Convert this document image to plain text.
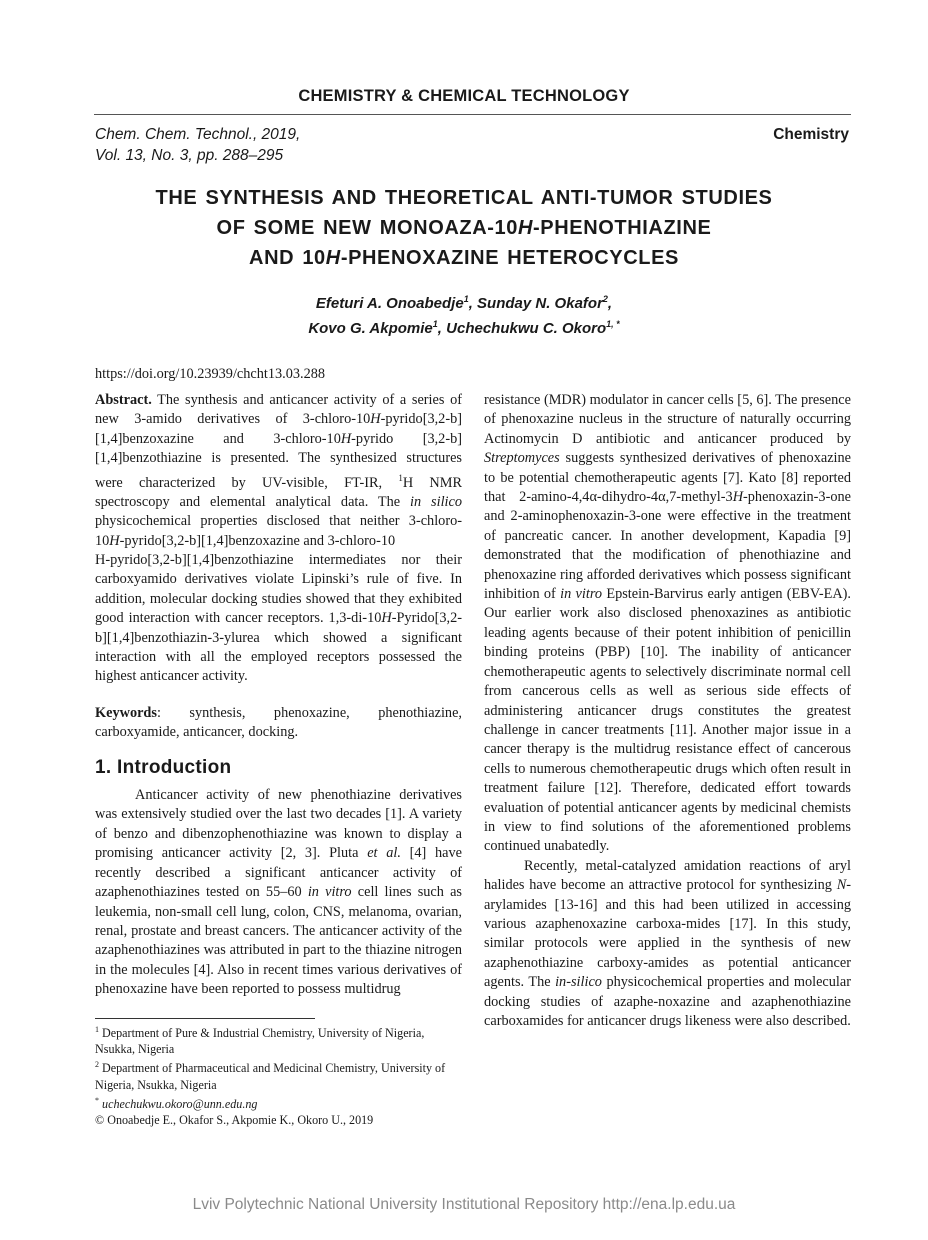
CHEMISTRY & CHEMICAL TECHNOLOGY
Chem. Chem. Technol., 2019,
Vol. 13, No. 3, pp. 288–295
Chemistry
THE SYNTHESIS AND THEORETICAL ANTI-TUMOR STUDIES
OF SOME NEW MONOAZA-10H-PHENOTHIAZINE
AND 10H-PHENOXAZINE HETEROCYCLES
Efeturi A. Onoabedje$^1$, Sunday N. Okafor$^2$,
Kovo G. Akpomie$^1$, Uchechukwu C. Okoro$^{1, *}$
https://doi.org/10.23939/chcht13.03.288

Abstract. The synthesis and anticancer activity of a series of new 3-amido derivatives of 3-chloro-10H-pyrido[3,2-b][1,4]benzoxazine and 3-chloro-10H-pyrido [3,2-b][1,4]benzothiazine is presented. The synthesized structures were characterized by UV-visible, FT-IR, $^1$H NMR spectroscopy and elemental analytical data. The in silico physicochemical properties disclosed that neither 3-chloro-10H-pyrido[3,2-b][1,4]benzoxazine and 3-chloro-10
H-pyrido[3,2-b][1,4]benzothiazine intermediates nor their carboxyamido derivatives violate Lipinski’s rule of five. In addition, molecular docking studies showed that they exhibited good interaction with cancer receptors. 1,3-di-10H-Pyrido[3,2-b][1,4]benzothiazin-3-ylurea which showed a significant interaction with all the employed receptors possessed the highest anticancer activity.

Keywords: synthesis, phenoxazine, phenothiazine, carboxyamide, anticancer, docking.

1. Introduction

Anticancer activity of new phenothiazine derivatives was extensively studied over the last two decades [1]. A variety of benzo and dibenzophenothiazine was known to display a promising anticancer activity [2, 3]. Pluta et al. [4] have recently described a significant anticancer activity of azaphenothiazines tested on 55–60 in vitro cell lines such as leukemia, non-small cell lung, colon, CNS, melanoma, ovarian, renal, prostate and breast cancers. The anticancer activity of the azaphenothiazines was attributed in part to the thiazine nitrogen in the molecules [4]. Also in recent times various derivatives of phenoxazine have been reported to possess multidrug

resistance (MDR) modulator in cancer cells [5, 6]. The presence of phenoxazine nucleus in the structure of naturally occurring Actinomycin D antibiotic and anticancer produced by Streptomyces suggests synthesized derivatives of phenoxazine to be potential chemotherapeutic agents [7]. Kato [8] reported that 2-amino-4,4α-dihydro-4α,7-methyl-3H-phenoxazin-3-one and 2-aminophenoxazin-3-one were effective in the treatment of pancreatic cancer. In another development, Kapadia [9] demonstrated that the modification of phenothiazine and phenoxazine ring afforded derivatives which possess significant inhibition of in vitro Epstein-Barvirus early antigen (EBV-EA). Our earlier work also disclosed phenoxazines as antibiotic leading agents because of their potent inhibition of penicillin binding proteins (PBP) [10]. The inability of anticancer chemotherapeutic agents to selectively discriminate normal cell from cancerous cells as well as serious side effects of administering anticancer drugs constitutes the greatest challenge in cancer treatments [11]. Another major issue in a cancer therapy is the multidrug resistance effect of cancerous cells to numerous chemotherapeutic drugs which often result in treatment failure [12]. Therefore, dedicated effort towards evaluation of potential anticancer agents by medicinal chemists in view to find solutions of the aforementioned problems continued unabatedly.

Recently, metal-catalyzed amidation reactions of aryl halides have become an attractive protocol for synthesizing N-arylamides [13-16] and this had been utilized in accessing various azaphenoxazine carboxa-mides [17]. In this study, similar protocols were applied in the synthesis of new azaphenothiazine carboxy-amides as potential anticancer agents. The in-silico physicochemical properties and molecular docking studies of azaphe-noxazine and azaphenothiazine carboxamides for anticancer drugs likeness were also described.

$^1$ Department of Pure & Industrial Chemistry, University of Nigeria, Nsukka, Nigeria

$^2$ Department of Pharmaceutical and Medicinal Chemistry, University of Nigeria, Nsukka, Nigeria

* uchechukwu.okoro@unn.edu.ng

© Onoabedje E., Okafor S., Akpomie K., Okoro U., 2019

Lviv Polytechnic National University Institutional Repository http://ena.lp.edu.ua
